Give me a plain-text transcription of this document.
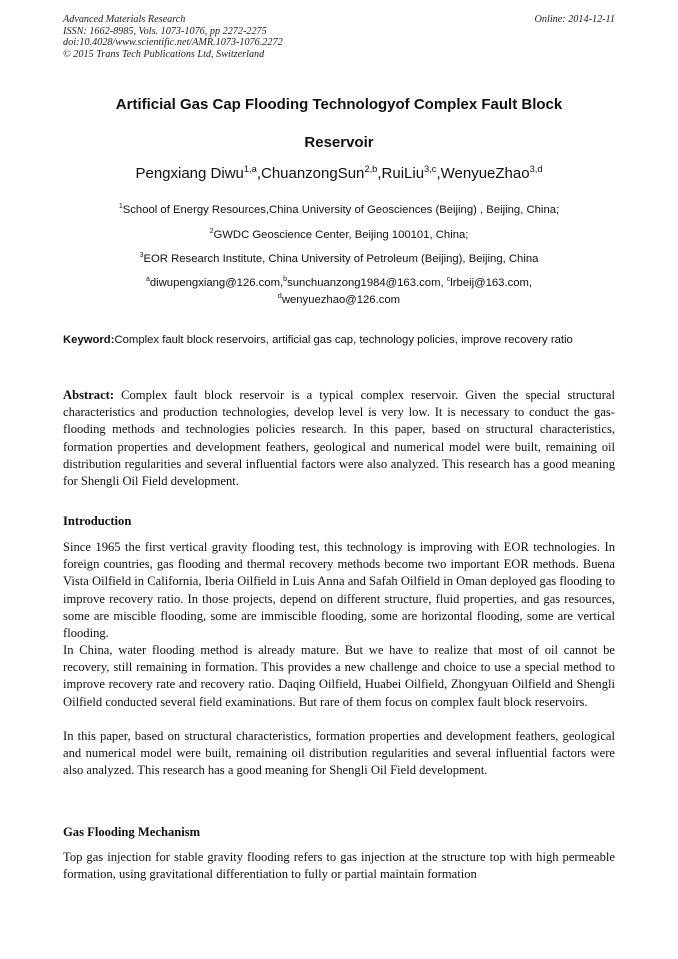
Advanced Materials Research
ISSN: 1662-8985, Vols. 1073-1076, pp 2272-2275
doi:10.4028/www.scientific.net/AMR.1073-1076.2272
© 2015 Trans Tech Publications Ltd, Switzerland
Online: 2014-12-11
Artificial Gas Cap Flooding Technologyof Complex Fault Block
Reservoir
Pengxiang Diwu$^{1,a}$,ChuanzongSun$^{2,b}$,RuiLiu$^{3,c}$,WenyueZhao$^{3,d}$
$^1$School of Energy Resources,China University of Geosciences (Beijing) , Beijing, China;
$^2$GWDC Geoscience Center, Beijing 100101, China;
$^3$EOR Research Institute, China University of Petroleum (Beijing), Beijing, China
$^a$diwupengxiang@126.com,$^b$sunchuanzong1984@163.com, $^c$lrbeij@163.com,
$^d$wenyuezhao@126.com
Keyword:Complex fault block reservoirs, artificial gas cap, technology policies, improve recovery ratio

Abstract: Complex fault block reservoir is a typical complex reservoir. Given the special structural characteristics and production technologies, develop level is very low. It is necessary to conduct the gas-flooding methods and technologies policies research. In this paper, based on structural characteristics, formation properties and development feathers, geological and numerical model were built, remaining oil distribution regularities and several influential factors were also analyzed. This research has a good meaning for Shengli Oil Field development.

Introduction

Since 1965 the first vertical gravity flooding test, this technology is improving with EOR technologies. In foreign countries, gas flooding and thermal recovery methods become two important EOR methods. Buena Vista Oilfield in California, Iberia Oilfield in Luis Anna and Safah Oilfield in Oman deployed gas flooding to improve recovery ratio. In those projects, depend on different structure, fluid properties, and gas resources, some are miscible flooding, some are immiscible flooding, some are horizontal flooding, some are vertical flooding.

In China, water flooding method is already mature. But we have to realize that most of oil cannot be recovery, still remaining in formation. This provides a new challenge and choice to use a special method to improve recovery rate and recovery ratio. Daqing Oilfield, Huabei Oilfield, Zhongyuan Oilfield and Shengli Oilfield conducted several field examinations. But rare of them focus on complex fault block reservoirs.

In this paper, based on structural characteristics, formation properties and development feathers, geological and numerical model were built, remaining oil distribution regularities and several influential factors were also analyzed. This research has a good meaning for Shengli Oil Field development.

Gas Flooding Mechanism

Top gas injection for stable gravity flooding refers to gas injection at the structure top with high permeable formation, using gravitational differentiation to fully or partial maintain formation
